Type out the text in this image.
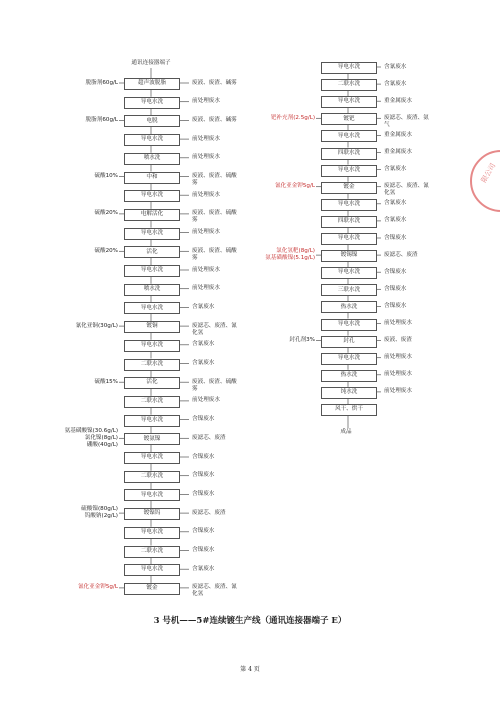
通讯连接器端子
超声波脱脂	废液、废渣、碱雾
脱脂剂60g/L
导电水洗	前处理废水
电脱	废液、废渣、碱雾
脱脂剂60g/L
导电水洗	前处理废水
喷水洗	前处理废水
中和	废液、废渣、硫酸雾
硫酸10%
导电水洗	前处理废水
电解活化	废液、废渣、硫酸雾
硫酸20%
导电水洗	前处理废水
活化	废液、废渣、硫酸雾
硫酸20%
导电水洗	前处理废水
喷水洗	前处理废水
导电水洗	含氰废水
镀铜	废滤芯、废渣、氰化氢
氰化亚铜(30g/L)
导电水洗	含氰废水
二联水洗	含氰废水
活化	废液、废渣、硫酸雾
硫酸15%
二联水洗	前处理废水
导电水洗	含镍废水
镀氨镍	废滤芯、废渣
氨基磺酸镍(30.6g/L)
氯化镍(8g/L)
硼酸(40g/L)
导电水洗	含镍废水
二联水洗	含镍废水
导电水洗	含镍废水
镀镍钨	废滤芯、废渣
硫酸镍(80g/L)
钨酸钠(2g/L)
导电水洗	含镍废水
二联水洗	含镍废水
导电水洗	含氰废水
镀金	废滤芯、废渣、氰化氢
氰化亚金钾5g/L
导电水洗	含氰废水
二联水洗	含氰废水
导电水洗	重金属废水
镀钯	废滤芯、废渣、氨气
钯补充剂(2.5g/L)
导电水洗	重金属废水
四联水洗	重金属废水
导电水洗	含氰废水
镀金	废滤芯、废渣、氰化氢
氰化亚金钾5g/L
导电水洗	含氰废水
四联水洗	含氰废水
导电水洗	含镍废水
镀锡镍	废滤芯、废渣
氯化氢粑(8g/L)
氨基磺酸镍(5.1g/L)
导电水洗	含镍废水
三联水洗	含镍废水
热水洗	含镍废水
导电水洗	前处理废水
封孔	废液、废渣
封孔剂3%
导电水洗	前处理废水
热水洗	前处理废水
纯水洗	前处理废水
风干、烘干
成品
限公司
3 号机——5#连续镀生产线（通讯连接器端子 E）
第 4 页
